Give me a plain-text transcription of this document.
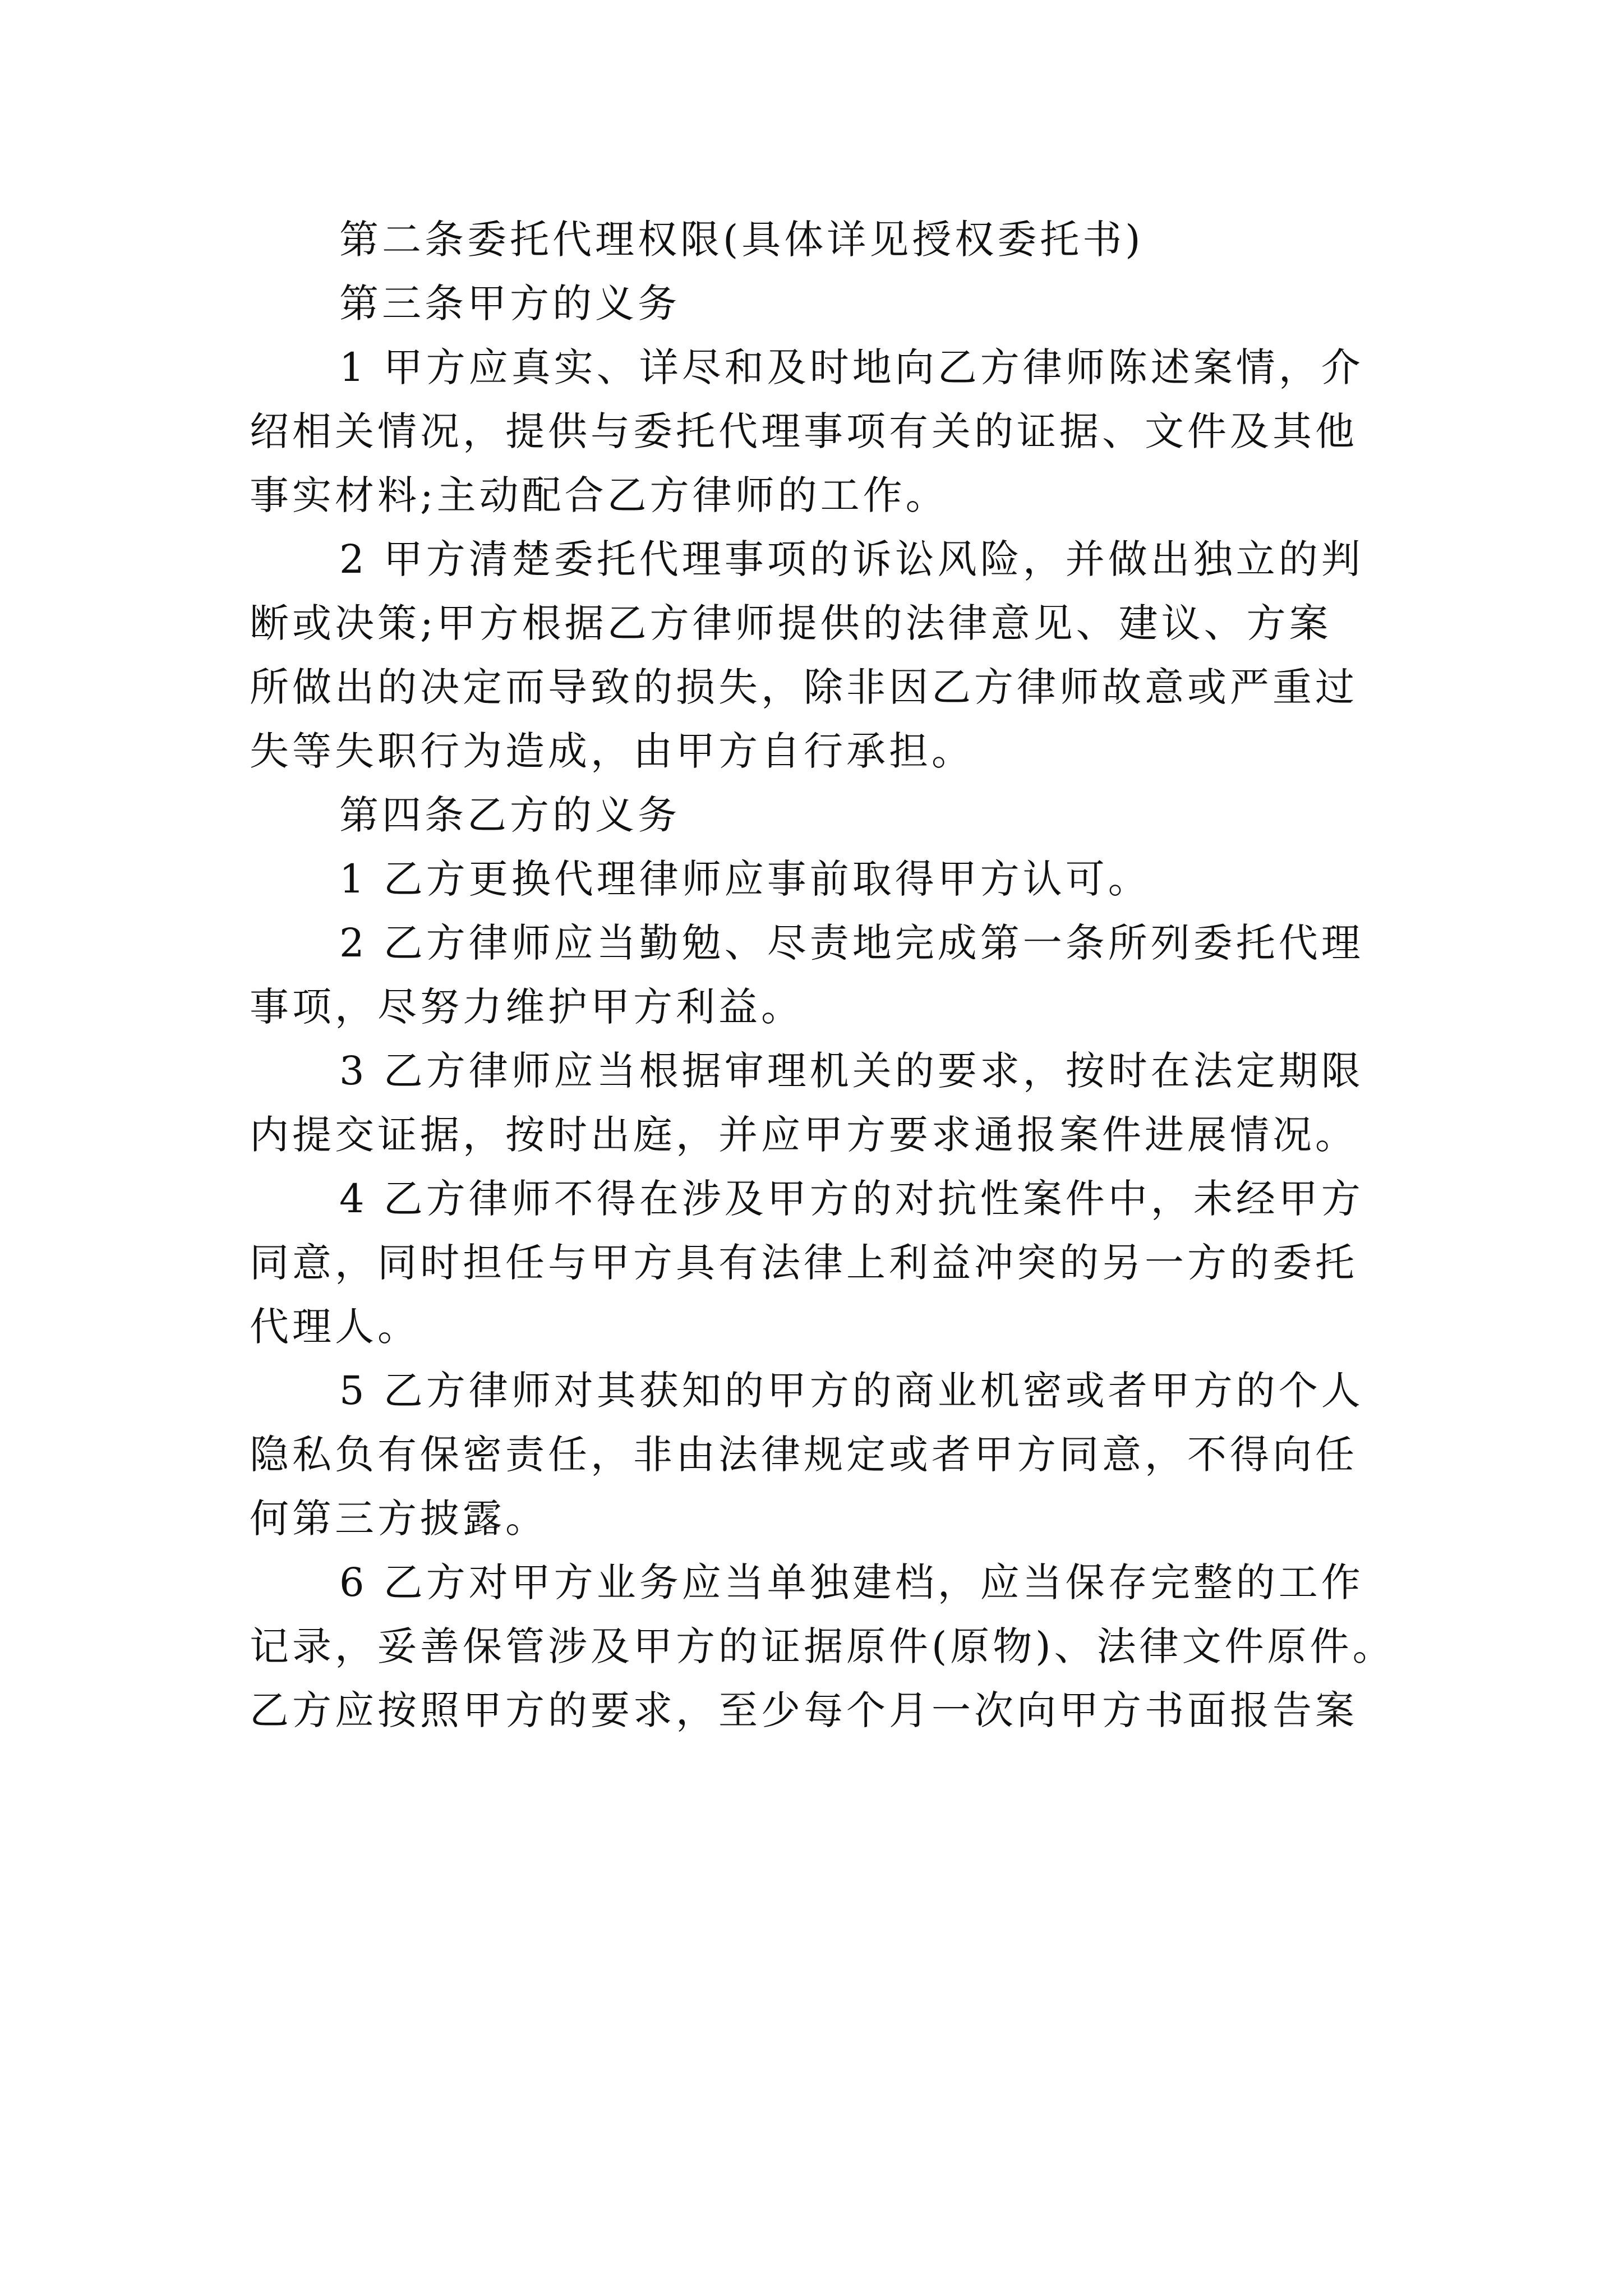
第二条委托代理权限(具体详见授权委托书)

第三条甲方的义务

1 甲方应真实、详尽和及时地向乙方律师陈述案情，介
绍相关情况，提供与委托代理事项有关的证据、文件及其他
事实材料;主动配合乙方律师的工作。

2 甲方清楚委托代理事项的诉讼风险，并做出独立的判
断或决策;甲方根据乙方律师提供的法律意见、建议、方案
所做出的决定而导致的损失，除非因乙方律师故意或严重过
失等失职行为造成，由甲方自行承担。

第四条乙方的义务

1 乙方更换代理律师应事前取得甲方认可。

2 乙方律师应当勤勉、尽责地完成第一条所列委托代理
事项，尽努力维护甲方利益。

3 乙方律师应当根据审理机关的要求，按时在法定期限
内提交证据，按时出庭，并应甲方要求通报案件进展情况。

4 乙方律师不得在涉及甲方的对抗性案件中，未经甲方
同意，同时担任与甲方具有法律上利益冲突的另一方的委托
代理人。

5 乙方律师对其获知的甲方的商业机密或者甲方的个人
隐私负有保密责任，非由法律规定或者甲方同意，不得向任
何第三方披露。

6 乙方对甲方业务应当单独建档，应当保存完整的工作
记录，妥善保管涉及甲方的证据原件(原物)、法律文件原件。
乙方应按照甲方的要求，至少每个月一次向甲方书面报告案
